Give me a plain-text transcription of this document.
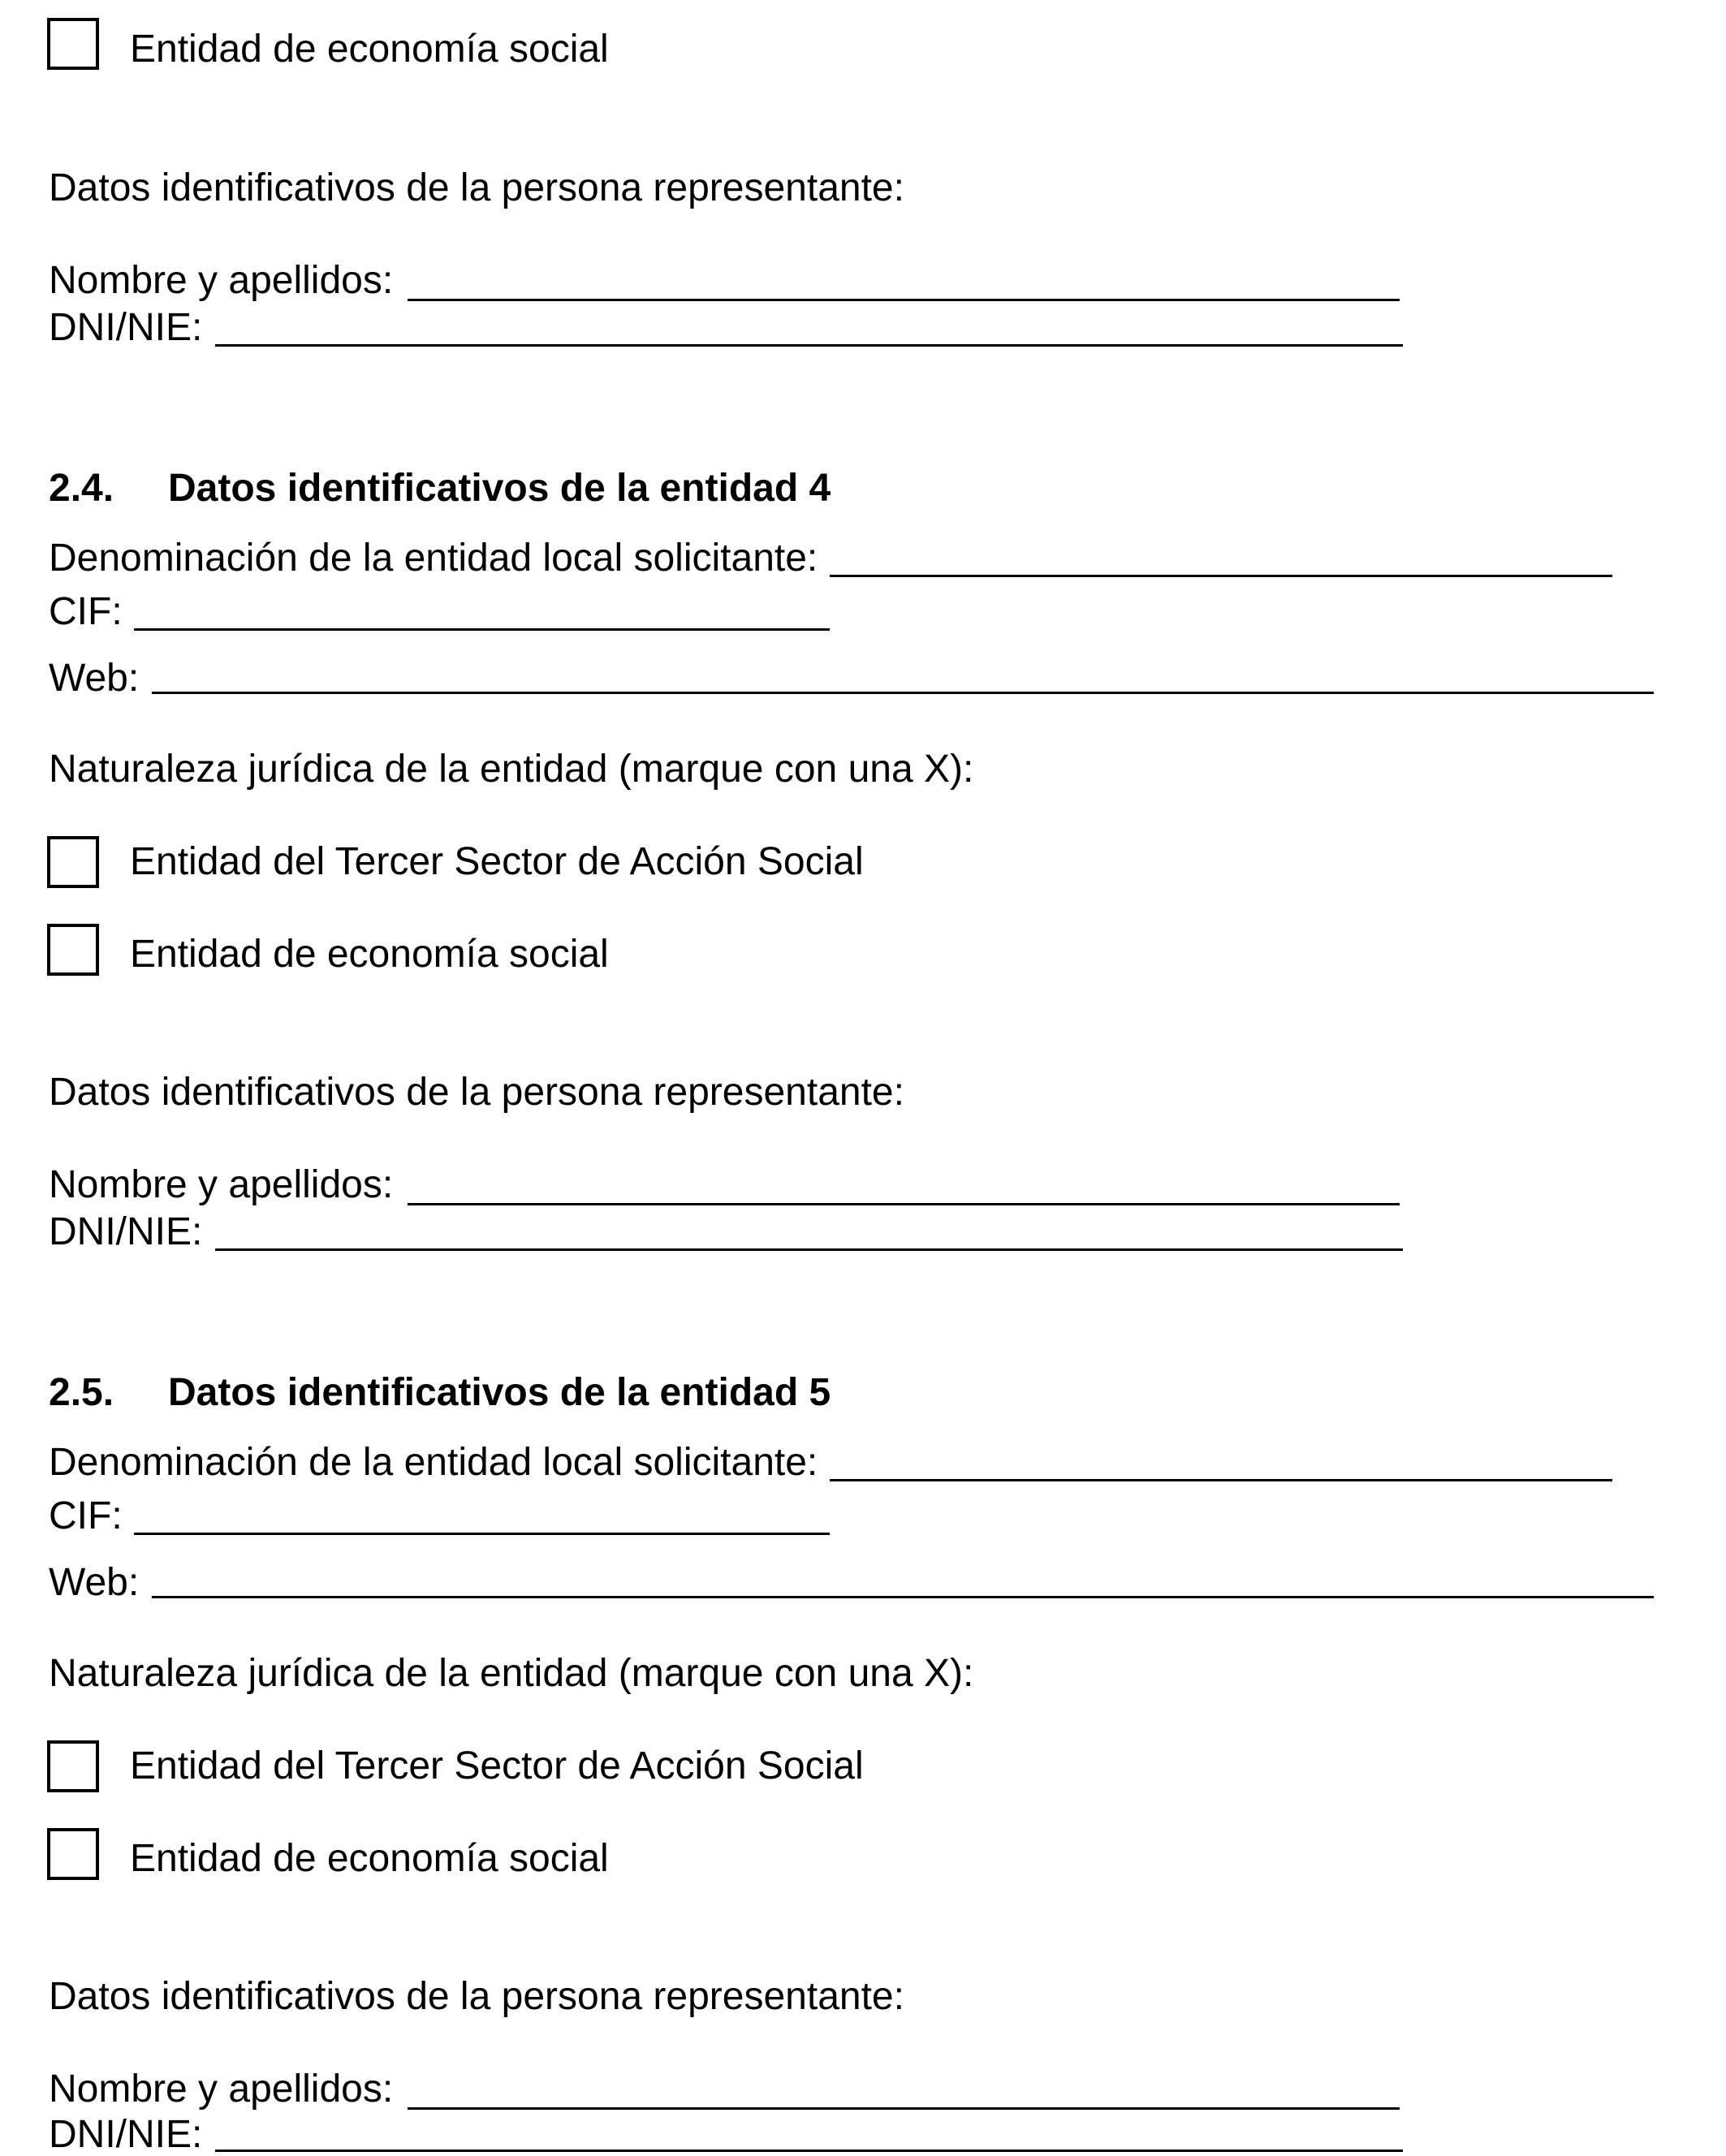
Entidad de economía social
Datos identificativos de la persona representante:
Nombre y apellidos:
DNI/NIE:
2.4. Datos identificativos de la entidad 4
Denominación de la entidad local solicitante:
CIF:
Web:
Naturaleza jurídica de la entidad (marque con una X):
Entidad del Tercer Sector de Acción Social
Entidad de economía social
Datos identificativos de la persona representante:
Nombre y apellidos:
DNI/NIE:
2.5. Datos identificativos de la entidad 5
Denominación de la entidad local solicitante:
CIF:
Web:
Naturaleza jurídica de la entidad (marque con una X):
Entidad del Tercer Sector de Acción Social
Entidad de economía social
Datos identificativos de la persona representante:
Nombre y apellidos:
DNI/NIE:
